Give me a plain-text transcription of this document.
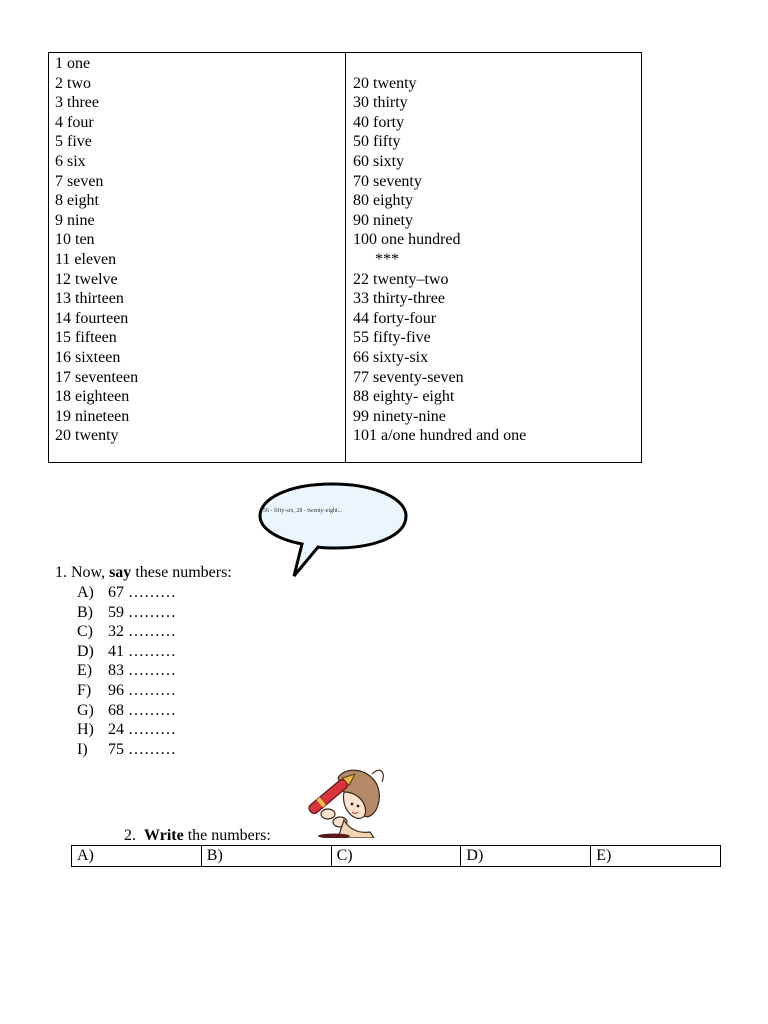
1 one
2 two
3 three
4 four
5 five
6 six
7 seven
8 eight
9 nine
10 ten
11 eleven
12 twelve
13 thirteen
14 fourteen
15 fifteen
16 sixteen
17 seventeen
18 eighteen
19 nineteen
20 twenty
20 twenty
30 thirty
40 forty
50 fifty
60 sixty
70 seventy
80 eighty
90 ninety
100 one hundred
***
22 twenty–two
33 thirty-three
44 forty-four
55 fifty-five
66 sixty-six
77 seventy-seven
88 eighty- eight
99 ninety-nine
101 a/one hundred and one
56 - fifty-six, 28 - twenty-eight...
1. Now, say these numbers:
A) 67 ………
B) 59 ………
C) 32 ………
D) 41 ………
E) 83 ………
F)	96 ………
G) 68 ………
H) 24 ………
I)	75 ………
2. Write the numbers:
A)	B)	C)	D)	E)
